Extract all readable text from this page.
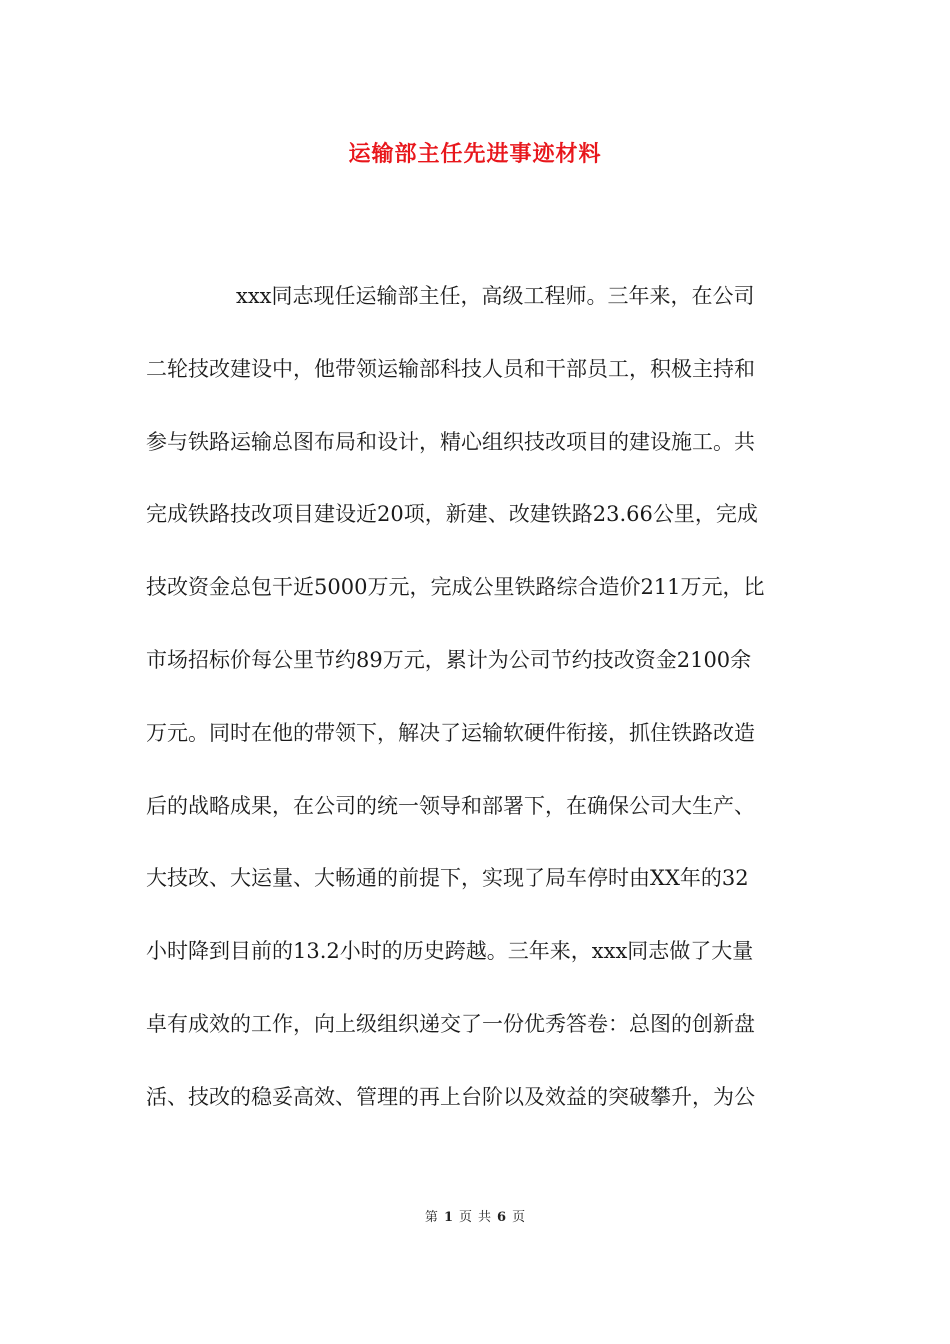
运输部主任先进事迹材料
xxx同志现任运输部主任，高级工程师。三年来，在公司
二轮技改建设中，他带领运输部科技人员和干部员工，积极主持和
参与铁路运输总图布局和设计，精心组织技改项目的建设施工。共
完成铁路技改项目建设近20项，新建、改建铁路23.66公里，完成
技改资金总包干近5000万元，完成公里铁路综合造价211万元，比
市场招标价每公里节约89万元，累计为公司节约技改资金2100余
万元。同时在他的带领下，解决了运输软硬件衔接，抓住铁路改造
后的战略成果，在公司的统一领导和部署下，在确保公司大生产、
大技改、大运量、大畅通的前提下，实现了局车停时由XX年的32
小时降到目前的13.2小时的历史跨越。三年来，xxx同志做了大量
卓有成效的工作，向上级组织递交了一份优秀答卷：总图的创新盘
活、技改的稳妥高效、管理的再上台阶以及效益的突破攀升，为公
第 1 页 共 6 页
